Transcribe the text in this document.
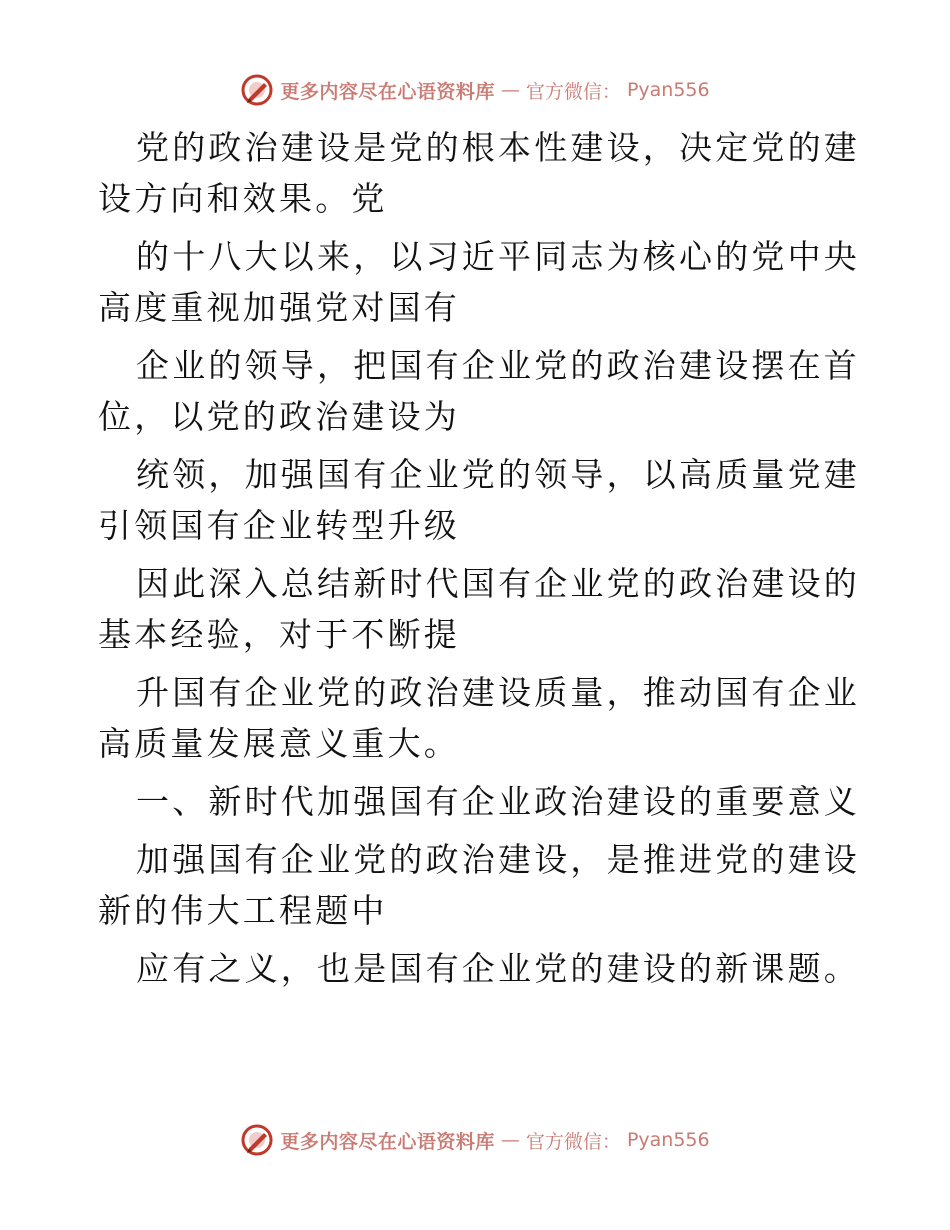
更多内容尽在心语资料库 — 官方微信： Pyan556

党的政治建设是党的根本性建设，决定党的建设方向和效果。党

的十八大以来，以习近平同志为核心的党中央高度重视加强党对国有

企业的领导，把国有企业党的政治建设摆在首位，以党的政治建设为

统领，加强国有企业党的领导，以高质量党建引领国有企业转型升级

因此深入总结新时代国有企业党的政治建设的基本经验，对于不断提

升国有企业党的政治建设质量，推动国有企业高质量发展意义重大。

一、新时代加强国有企业政治建设的重要意义

加强国有企业党的政治建设，是推进党的建设新的伟大工程题中

应有之义，也是国有企业党的建设的新课题。

更多内容尽在心语资料库 — 官方微信： Pyan556
